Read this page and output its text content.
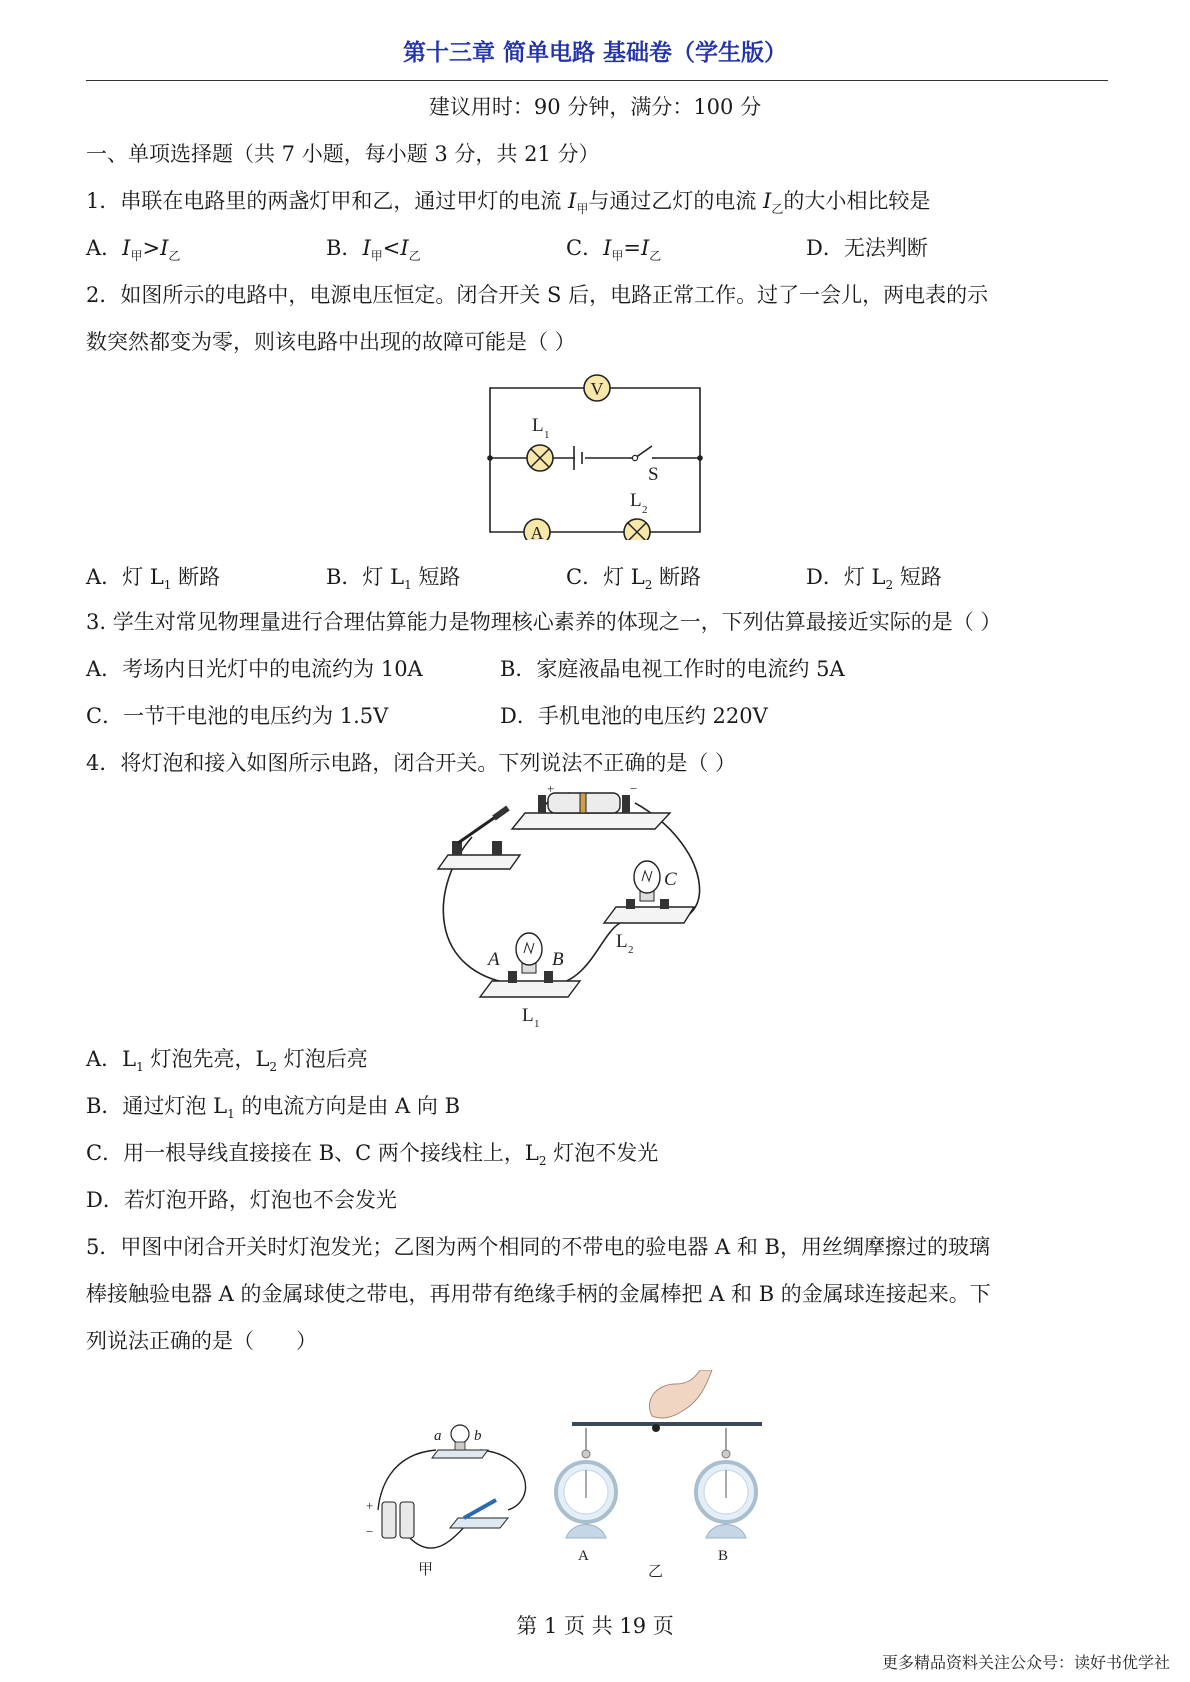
第十三章 简单电路 基础卷（学生版）
建议用时：90 分钟，满分：100 分
一、单项选择题（共 7 小题，每小题 3 分，共 21 分）
1．串联在电路里的两盏灯甲和乙，通过甲灯的电流 $I_甲$与通过乙灯的电流 $I_乙$的大小相比较是
A．$I_甲>I_乙$	B．$I_甲<I_乙$	C．$I_甲=I_乙$	D．无法判断
2．如图所示的电路中，电源电压恒定。闭合开关 S 后，电路正常工作。过了一会儿，两电表的示
数突然都变为零，则该电路中出现的故障可能是（ ）
V
L 1
S
A
L 2
A．灯 $L_1$ 断路	B．灯 $L_1$ 短路	C．灯 $L_2$ 断路	D．灯 $L_2$ 短路
3. 学生对常见物理量进行合理估算能力是物理核心素养的体现之一，下列估算最接近实际的是（ ）
A．考场内日光灯中的电流约为 10A	B．家庭液晶电视工作时的电流约 5A
C．一节干电池的电压约为 1.5V	D．手机电池的电压约 220V
4．将灯泡和接入如图所示电路，闭合开关。下列说法不正确的是（ ）
+	−
C
L 2
A	B
L 1
A．$L_1$ 灯泡先亮，$L_2$ 灯泡后亮
B．通过灯泡 $L_1$ 的电流方向是由 A 向 B
C．用一根导线直接接在 B、C 两个接线柱上，$L_2$ 灯泡不发光
D．若灯泡开路，灯泡也不会发光
5．甲图中闭合开关时灯泡发光；乙图为两个相同的不带电的验电器 A 和 B，用丝绸摩擦过的玻璃
棒接触验电器 A 的金属球使之带电，再用带有绝缘手柄的金属棒把 A 和 B 的金属球连接起来。下
列说法正确的是（　　）
a b
+
−
甲
A	B
乙
第 1 页 共 19 页
更多精品资料关注公众号：读好书优学社
